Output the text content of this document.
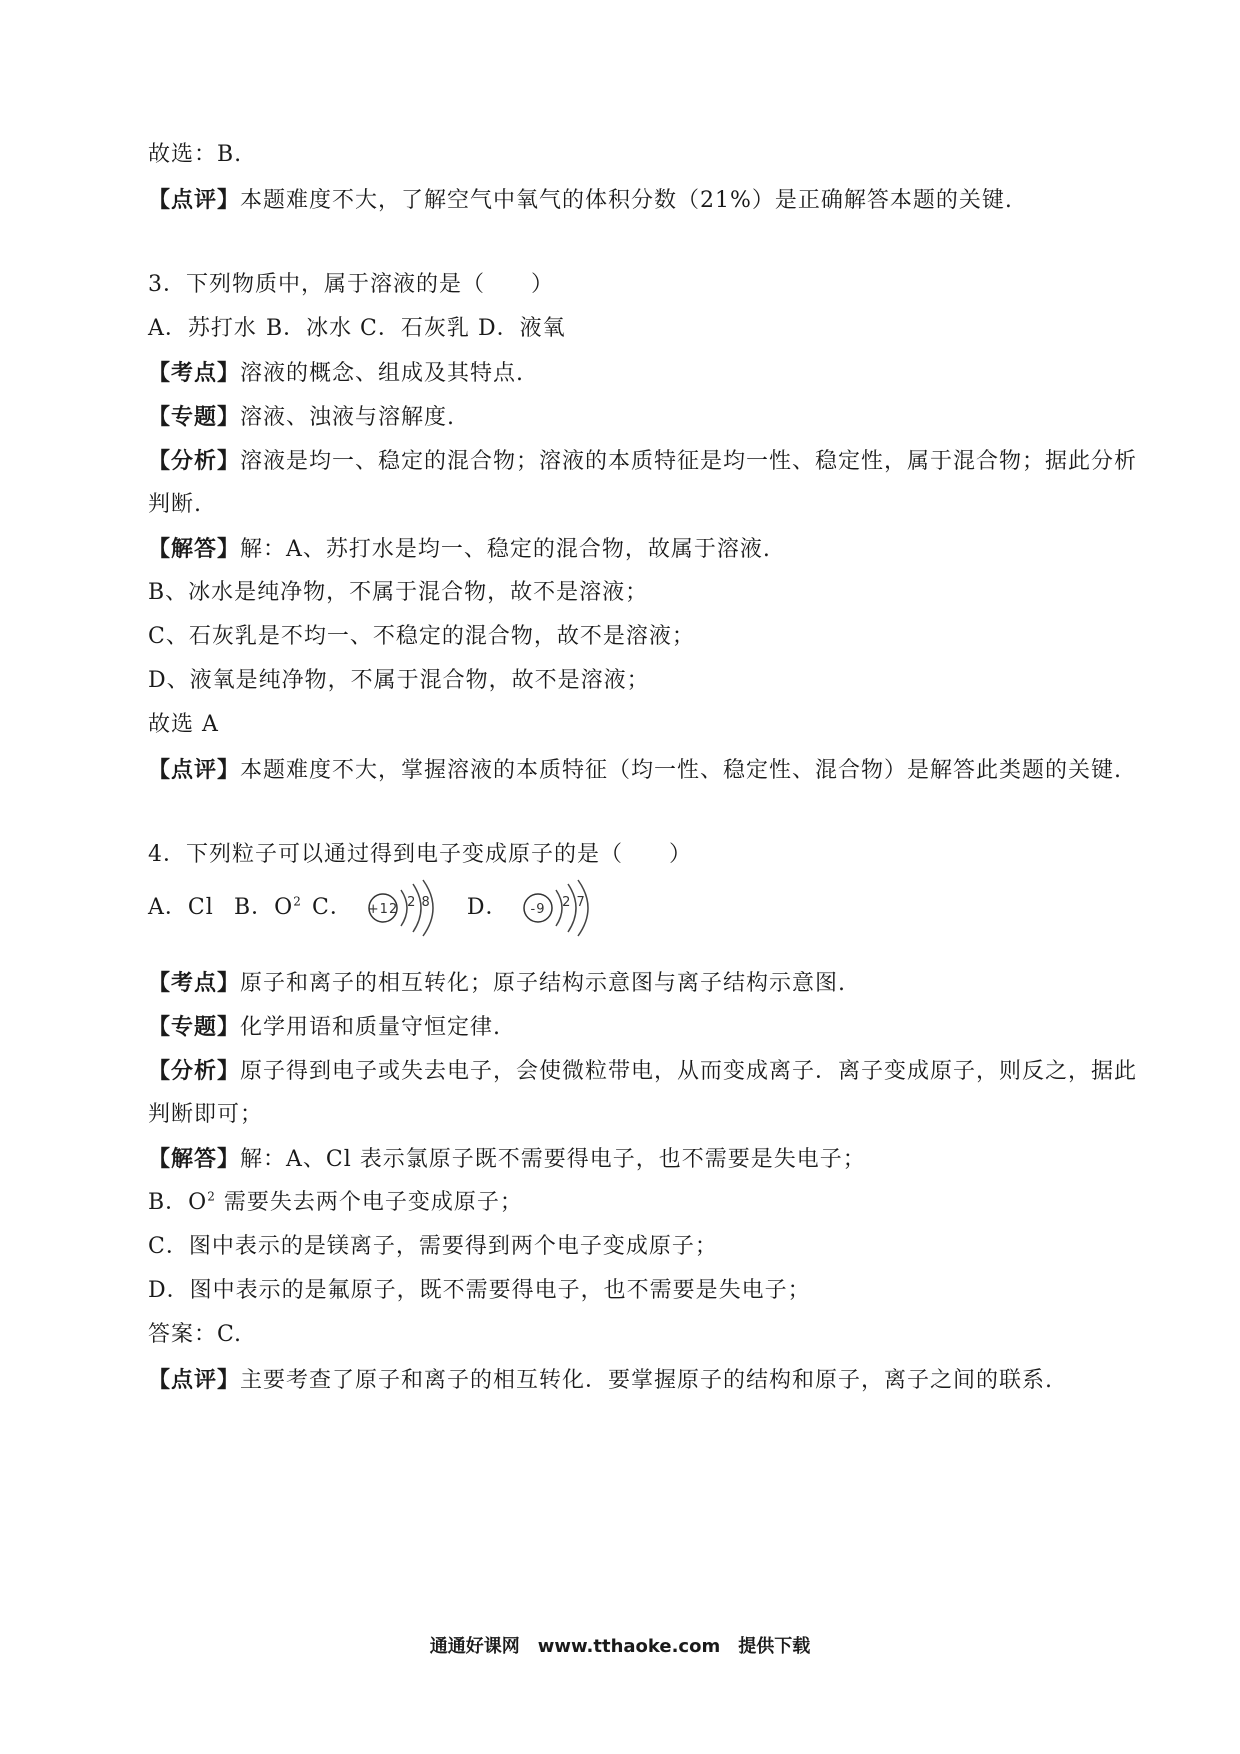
故选：B.
【点评】本题难度不大，了解空气中氧气的体积分数（21%）是正确解答本题的关键.
3．下列物质中，属于溶液的是（　　）
A．苏打水 B．冰水 C．石灰乳 D．液氧
【考点】溶液的概念、组成及其特点.
【专题】溶液、浊液与溶解度.
【分析】溶液是均一、稳定的混合物；溶液的本质特征是均一性、稳定性，属于混合物；据此分析
判断.
【解答】解：A、苏打水是均一、稳定的混合物，故属于溶液.
B、冰水是纯净物，不属于混合物，故不是溶液；
C、石灰乳是不均一、不稳定的混合物，故不是溶液；
D、液氧是纯净物，不属于混合物，故不是溶液；
故选 A
【点评】本题难度不大，掌握溶液的本质特征（均一性、稳定性、混合物）是解答此类题的关键.
4．下列粒子可以通过得到电子变成原子的是（　　）
A．Cl B．$O^2$ C． +12 2 8 D． -9 2 7
【考点】原子和离子的相互转化；原子结构示意图与离子结构示意图.
【专题】化学用语和质量守恒定律.
【分析】原子得到电子或失去电子，会使微粒带电，从而变成离子．离子变成原子，则反之，据此
判断即可；
【解答】解：A、Cl 表示氯原子既不需要得电子，也不需要是失电子；
B．$O^2$ 需要失去两个电子变成原子；
C．图中表示的是镁离子，需要得到两个电子变成原子；
D．图中表示的是氟原子，既不需要得电子，也不需要是失电子；
答案：C.
【点评】主要考查了原子和离子的相互转化．要掌握原子的结构和原子，离子之间的联系.
通通好课网　www.tthaoke.com　提供下载
